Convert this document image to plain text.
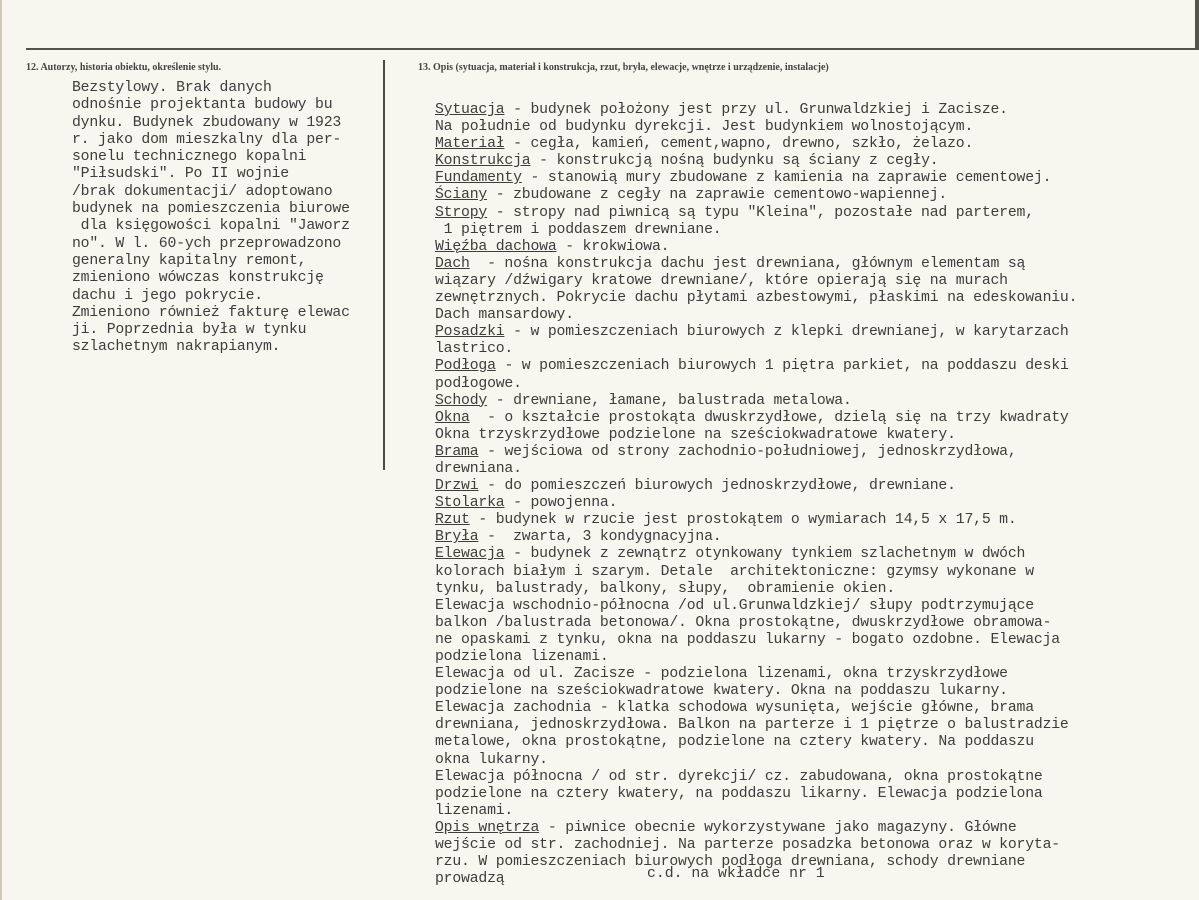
12. Autorzy, historia obiektu, określenie stylu.	13. Opis (sytuacja, materiał i konstrukcja, rzut, bryła, elewacje, wnętrze i urządzenie, instalacje)
Bezstylowy. Brak danych
odnośnie projektanta budowy bu
dynku. Budynek zbudowany w 1923
r. jako dom mieszkalny dla per-
sonelu technicznego kopalni
"Piłsudski". Po II wojnie
/brak dokumentacji/ adoptowano
budynek na pomieszczenia biurowe
dla księgowości kopalni "Jaworz
no". W l. 60-ych przeprowadzono
generalny kapitalny remont,
zmieniono wówczas konstrukcję
dachu i jego pokrycie.
Zmieniono również fakturę elewac
ji. Poprzednia była w tynku
szlachetnym nakrapianym.
Sytuacja - budynek położony jest przy ul. Grunwaldzkiej i Zacisze.
Na południe od budynku dyrekcji. Jest budynkiem wolnostojącym.
Materiał - cegła, kamień, cement,wapno, drewno, szkło, żelazo.
Konstrukcja - konstrukcją nośną budynku są ściany z cegły.
Fundamenty - stanowią mury zbudowane z kamienia na zaprawie cementowej.
Ściany - zbudowane z cegły na zaprawie cementowo-wapiennej.
Stropy - stropy nad piwnicą są typu "Kleina", pozostałe nad parterem,
1 piętrem i poddaszem drewniane.
Więźba dachowa - krokwiowa.
Dach  - nośna konstrukcja dachu jest drewniana, głównym elementam są
wiązary /dźwigary kratowe drewniane/, które opierają się na murach
zewnętrznych. Pokrycie dachu płytami azbestowymi, płaskimi na edeskowaniu.
Dach mansardowy.
Posadzki - w pomieszczeniach biurowych z klepki drewnianej, w karytarzach
lastrico.
Podłoga - w pomieszczeniach biurowych 1 piętra parkiet, na poddaszu deski
podłogowe.
Schody - drewniane, łamane, balustrada metalowa.
Okna  - o kształcie prostokąta dwuskrzydłowe, dzielą się na trzy kwadraty
Okna trzyskrzydłowe podzielone na sześciokwadratowe kwatery.
Brama - wejściowa od strony zachodnio-południowej, jednoskrzydłowa,
drewniana.
Drzwi - do pomieszczeń biurowych jednoskrzydłowe, drewniane.
Stolarka - powojenna.
Rzut - budynek w rzucie jest prostokątem o wymiarach 14,5 x 17,5 m.
Bryła -  zwarta, 3 kondygnacyjna.
Elewacja - budynek z zewnątrz otynkowany tynkiem szlachetnym w dwóch
kolorach białym i szarym. Detale  architektoniczne: gzymsy wykonane w
tynku, balustrady, balkony, słupy,  obramienie okien.
Elewacja wschodnio-północna /od ul.Grunwaldzkiej/ słupy podtrzymujące
balkon /balustrada betonowa/. Okna prostokątne, dwuskrzydłowe obramowa-
ne opaskami z tynku, okna na poddaszu lukarny - bogato ozdobne. Elewacja
podzielona lizenami.
Elewacja od ul. Zacisze - podzielona lizenami, okna trzyskrzydłowe
podzielone na sześciokwadratowe kwatery. Okna na poddaszu lukarny.
Elewacja zachodnia - klatka schodowa wysunięta, wejście główne, brama
drewniana, jednoskrzydłowa. Balkon na parterze i 1 piętrze o balustradzie
metalowe, okna prostokątne, podzielone na cztery kwatery. Na poddaszu
okna lukarny.
Elewacja północna / od str. dyrekcji/ cz. zabudowana, okna prostokątne
podzielone na cztery kwatery, na poddaszu likarny. Elewacja podzielona
lizenami.
Opis wnętrza - piwnice obecnie wykorzystywane jako magazyny. Główne
wejście od str. zachodniej. Na parterze posadzka betonowa oraz w koryta-
rzu. W pomieszczeniach biurowych podłoga drewniana, schody drewniane
prowadzą	c.d. na wkładce nr 1
